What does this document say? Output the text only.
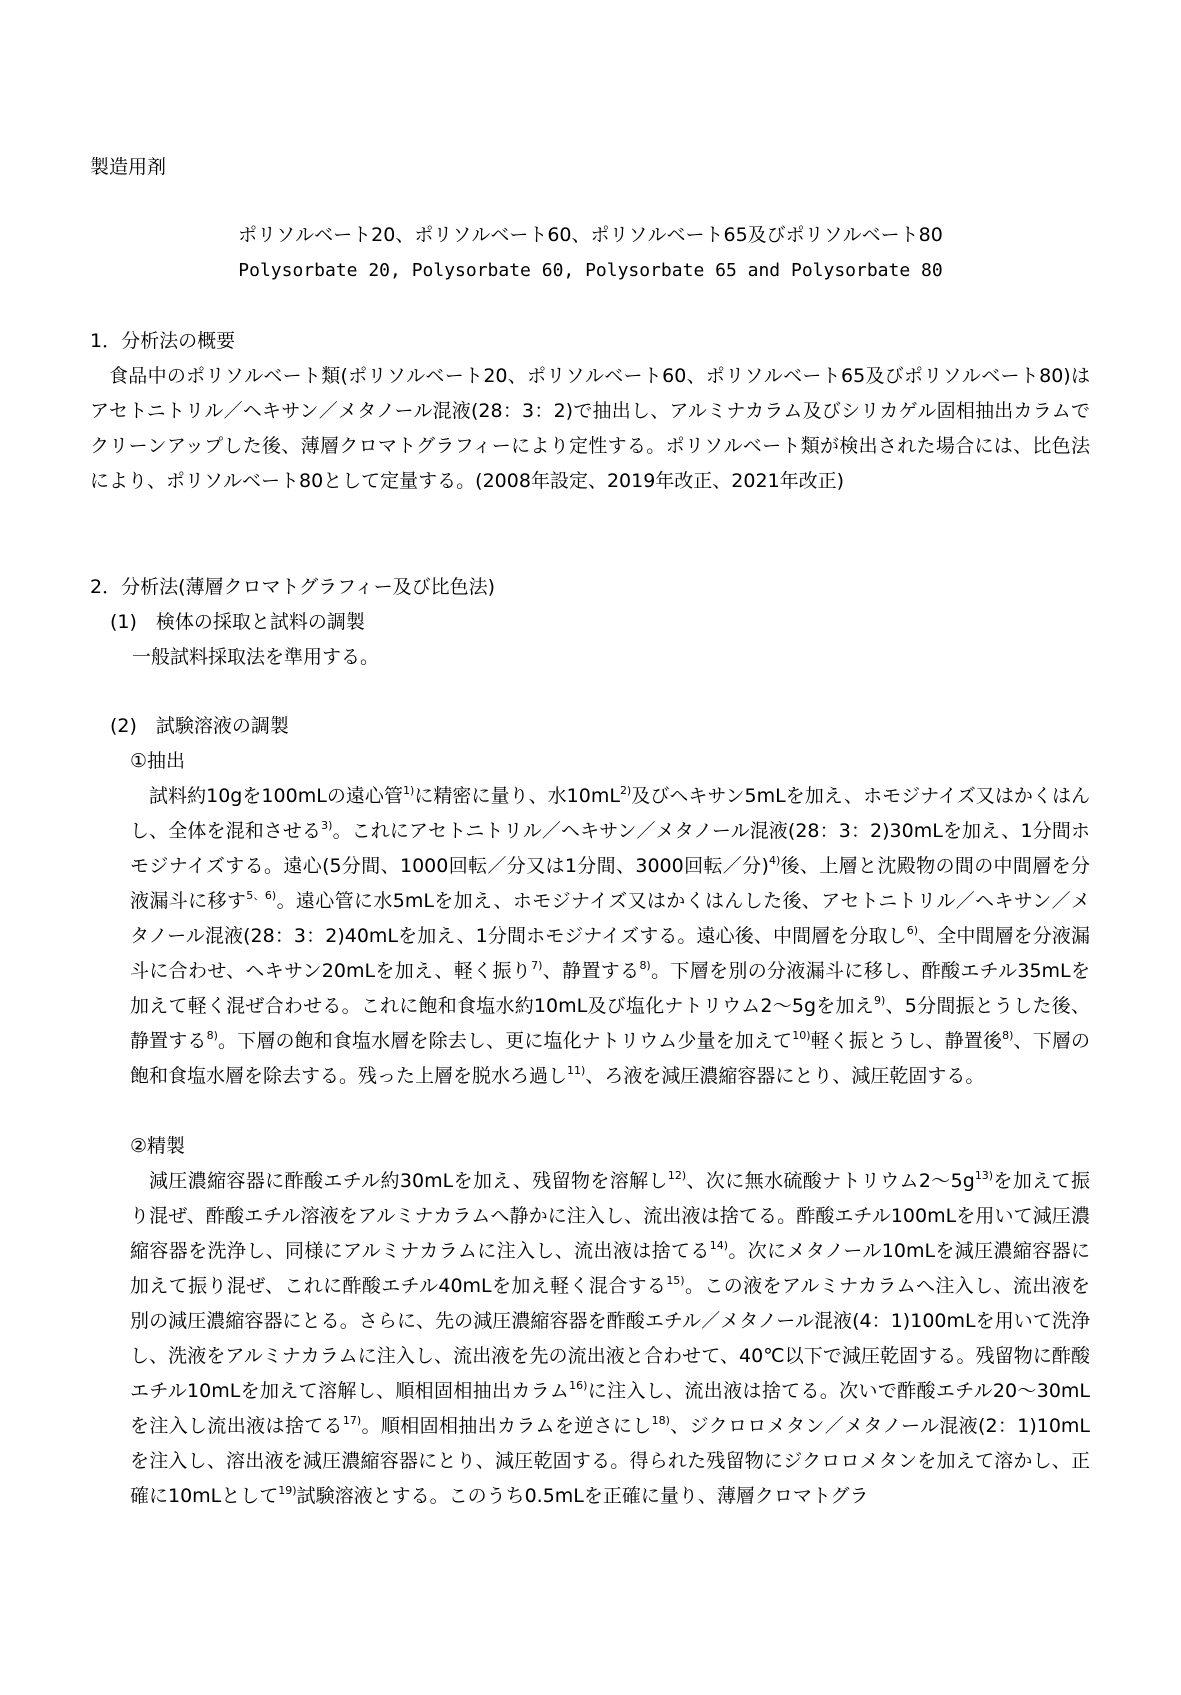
製造用剤
ポリソルベート20、ポリソルベート60、ポリソルベート65及びポリソルベート80
Polysorbate 20, Polysorbate 60, Polysorbate 65 and Polysorbate 80
1．分析法の概要
食品中のポリソルベート類(ポリソルベート20、ポリソルベート60、ポリソルベート65及びポリソルベート80)はアセトニトリル／ヘキサン／メタノール混液(28：3：2)で抽出し、アルミナカラム及びシリカゲル固相抽出カラムでクリーンアップした後、薄層クロマトグラフィーにより定性する。ポリソルベート類が検出された場合には、比色法により、ポリソルベート80として定量する。(2008年設定、2019年改正、2021年改正)
2．分析法(薄層クロマトグラフィー及び比色法)
(1)　検体の採取と試料の調製
一般試料採取法を準用する。
(2)　試験溶液の調製
①抽出
試料約10gを100mLの遠心管$^{1)}$に精密に量り、水$10mL^{2)}$及びヘキサン5mLを加え、ホモジナイズ又はかくはんし、全体を混和させる$^{3)}$。これにアセトニトリル／ヘキサン／メタノール混液(28：3：2)30mLを加え、1分間ホモジナイズする。遠心(5分間、1000回転／分又は1分間、3000回転／分)$^{4)}$後、上層と沈殿物の間の中間層を分液漏斗に移す$^{5、6)}$。遠心管に水5mLを加え、ホモジナイズ又はかくはんした後、アセトニトリル／ヘキサン／メタノール混液(28：3：2)40mLを加え、1分間ホモジナイズする。遠心後、中間層を分取し$^{6)}$、全中間層を分液漏斗に合わせ、ヘキサン20mLを加え、軽く振り$^{7)}$、静置する$^{8)}$。下層を別の分液漏斗に移し、酢酸エチル35mLを加えて軽く混ぜ合わせる。これに飽和食塩水約10mL及び塩化ナトリウム2～5gを加え$^{9)}$、5分間振とうした後、静置する$^{8)}$。下層の飽和食塩水層を除去し、更に塩化ナトリウム少量を加えて$^{10)}$軽く振とうし、静置後$^{8)}$、下層の飽和食塩水層を除去する。残った上層を脱水ろ過し$^{11)}$、ろ液を減圧濃縮容器にとり、減圧乾固する。
②精製
減圧濃縮容器に酢酸エチル約30mLを加え、残留物を溶解し$^{12)}$、次に無水硫酸ナトリウム$2\sim 5g^{13)}$を加えて振り混ぜ、酢酸エチル溶液をアルミナカラムへ静かに注入し、流出液は捨てる。酢酸エチル100mLを用いて減圧濃縮容器を洗浄し、同様にアルミナカラムに注入し、流出液は捨てる$^{14)}$。次にメタノール10mLを減圧濃縮容器に加えて振り混ぜ、これに酢酸エチル40mLを加え軽く混合する$^{15)}$。この液をアルミナカラムへ注入し、流出液を別の減圧濃縮容器にとる。さらに、先の減圧濃縮容器を酢酸エチル／メタノール混液(4：1)100mLを用いて洗浄し、洗液をアルミナカラムに注入し、流出液を先の流出液と合わせて、40℃以下で減圧乾固する。残留物に酢酸エチル10mLを加えて溶解し、順相固相抽出カラム$^{16)}$に注入し、流出液は捨てる。次いで酢酸エチル20～30mLを注入し流出液は捨てる$^{17)}$。順相固相抽出カラムを逆さにし$^{18)}$、ジクロロメタン／メタノール混液(2：1)10mLを注入し、溶出液を減圧濃縮容器にとり、減圧乾固する。得られた残留物にジクロロメタンを加えて溶かし、正確に10mLとして$^{19)}$試験溶液とする。このうち0.5mLを正確に量り、薄層クロマトグラ
